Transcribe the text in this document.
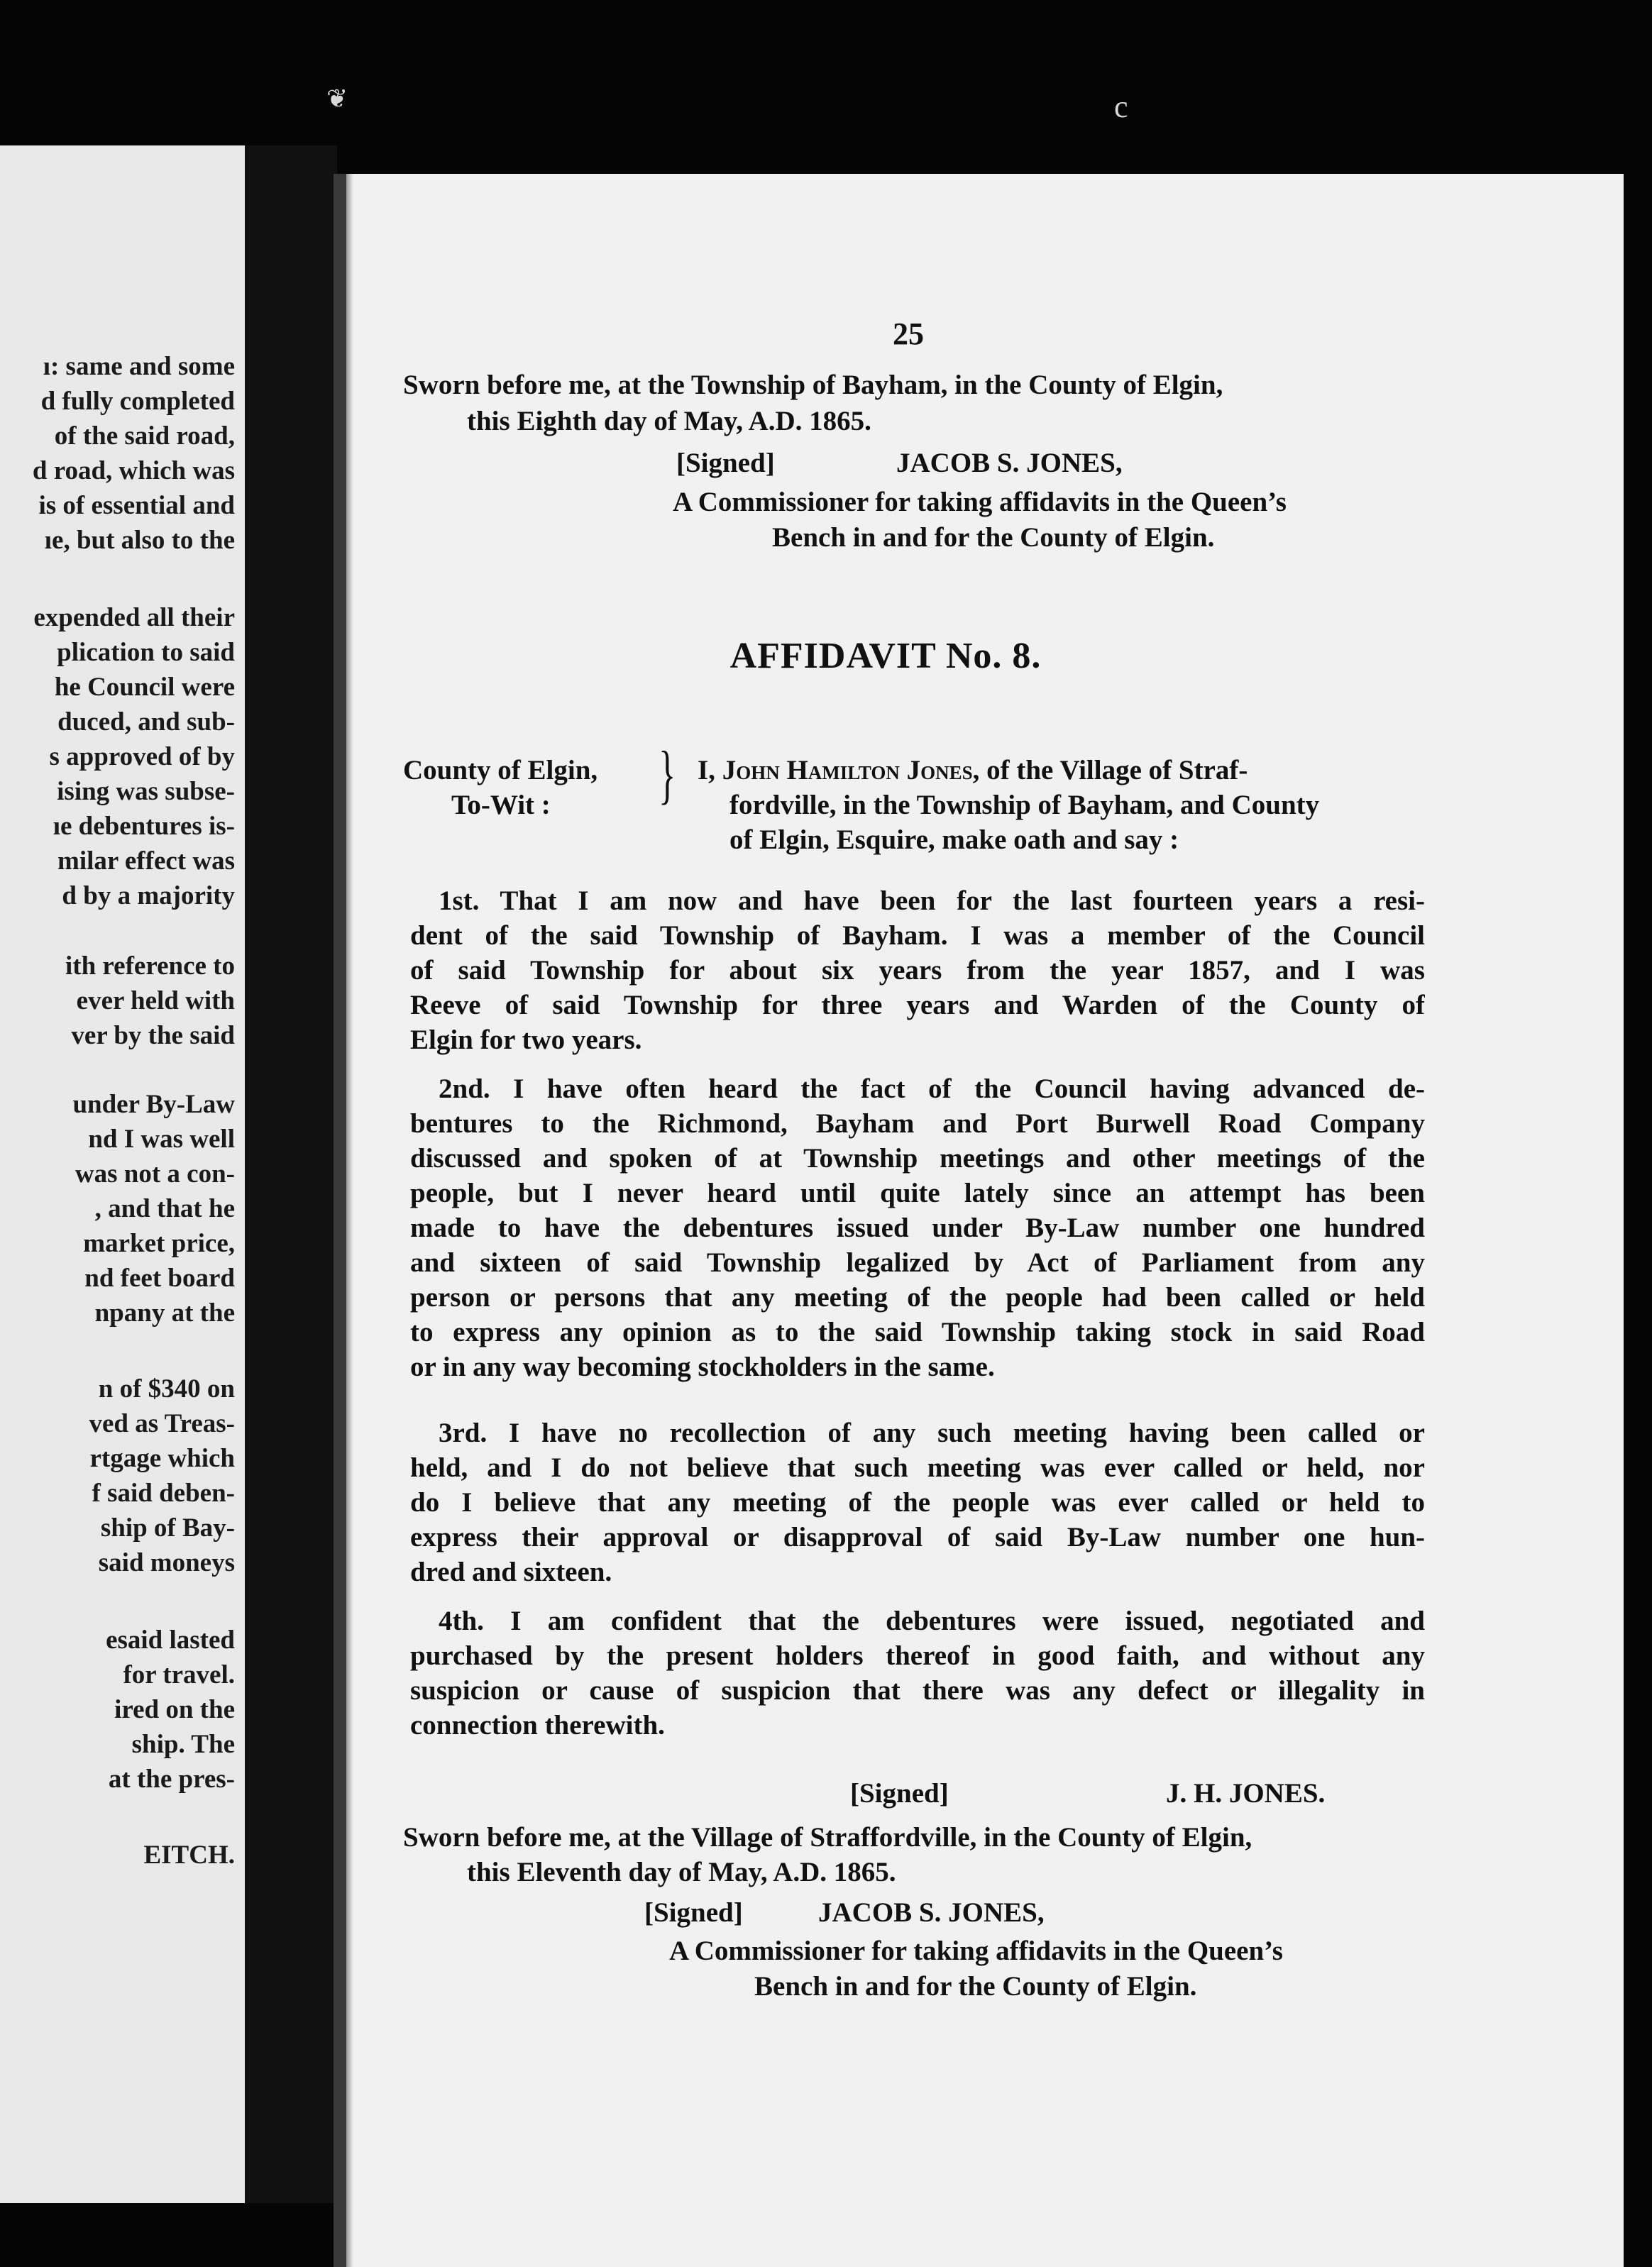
❦	c
ı: same and some
d fully completed
of the said road,
d road, which was
is of essential and
ıe, but also to the
expended all their
plication to said
he Council were
duced, and sub-
s approved of by
ising was subse-
ıe debentures is-
milar effect was
d by a majority
ith reference to
ever held with
ver by the said
under By-Law
nd I was well
was not a con-
, and that he
market price,
nd feet board
npany at the
n of $340 on
ved as Treas-
rtgage which
f said deben-
ship of Bay-
said moneys
esaid lasted
for travel.
ired on the
ship. The
at the pres-
EITCH.
25
Sworn before me, at the Township of Bayham, in the County of Elgin,
this Eighth day of May, A.D. 1865.
[Signed]	JACOB S. JONES,
A Commissioner for taking affidavits in the Queen’s
Bench in and for the County of Elgin.
AFFIDAVIT No. 8.
County of Elgin,
To-Wit : } I, John Hamilton Jones, of the Village of Straf-
fordville, in the Township of Bayham, and County
of Elgin, Esquire, make oath and say :
1st. That I am now and have been for the last fourteen years a resi-
dent of the said Township of Bayham. I was a member of the Council
of said Township for about six years from the year 1857, and I was
Reeve of said Township for three years and Warden of the County of
Elgin for two years.
2nd. I have often heard the fact of the Council having advanced de-
bentures to the Richmond, Bayham and Port Burwell Road Company
discussed and spoken of at Township meetings and other meetings of the
people, but I never heard until quite lately since an attempt has been
made to have the debentures issued under By-Law number one hundred
and sixteen of said Township legalized by Act of Parliament from any
person or persons that any meeting of the people had been called or held
to express any opinion as to the said Township taking stock in said Road
or in any way becoming stockholders in the same.
3rd. I have no recollection of any such meeting having been called or
held, and I do not believe that such meeting was ever called or held, nor
do I believe that any meeting of the people was ever called or held to
express their approval or disapproval of said By-Law number one hun-
dred and sixteen.
4th. I am confident that the debentures were issued, negotiated and
purchased by the present holders thereof in good faith, and without any
suspicion or cause of suspicion that there was any defect or illegality in
connection therewith.
[Signed]	J. H. JONES.
Sworn before me, at the Village of Straffordville, in the County of Elgin,
this Eleventh day of May, A.D. 1865.
[Signed]	JACOB S. JONES,
A Commissioner for taking affidavits in the Queen’s
Bench in and for the County of Elgin.
